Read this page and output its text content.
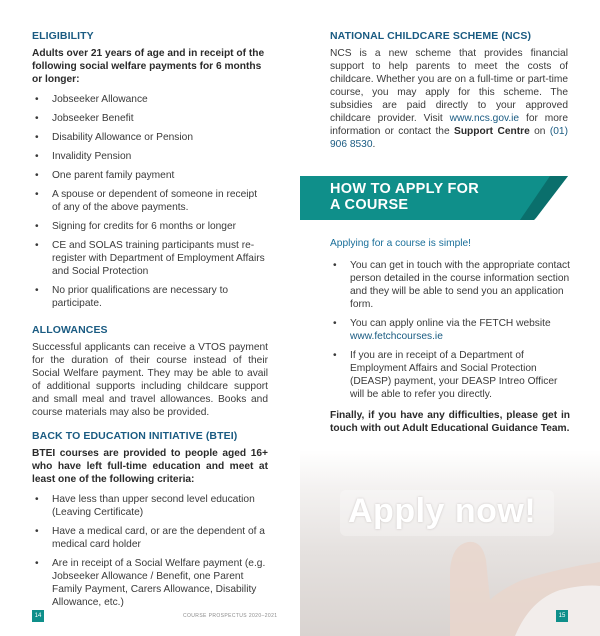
ELIGIBILITY

Adults over 21 years of age and in receipt of the following social welfare payments for 6 months or longer:

• Jobseeker Allowance
• Jobseeker Benefit
• Disability Allowance or Pension
• Invalidity Pension
• One parent family payment
• A spouse or dependent of someone in receipt of any of the above payments.
• Signing for credits for 6 months or longer
• CE and SOLAS training participants must re-register with Department of Employment Affairs and Social Protection
• No prior qualifications are necessary to participate.
ALLOWANCES

Successful applicants can receive a VTOS payment for the duration of their course instead of their Social Welfare payment. They may be able to avail of additional supports including childcare support and small meal and travel allowances. Books and course materials may also be provided.

BACK TO EDUCATION INITIATIVE (BTEI)

BTEI courses are provided to people aged 16+ who have left full-time education and meet at least one of the following criteria:

• Have less than upper second level education (Leaving Certificate)
• Have a medical card, or are the dependent of a medical card holder
• Are in receipt of a Social Welfare payment (e.g. Jobseeker Allowance / Benefit, one Parent Family Payment, Carers Allowance, Disability Allowance, etc.)
14	COURSE PROSPECTUS 2020–2021
NATIONAL CHILDCARE SCHEME (NCS)

NCS is a new scheme that provides financial support to help parents to meet the costs of childcare. Whether you are on a full-time or part-time course, you may apply for this scheme. The subsidies are paid directly to your approved childcare provider. Visit www.ncs.gov.ie for more information or contact the Support Centre on (01) 906 8530.

HOW TO APPLY FOR
A COURSE

Applying for a course is simple!

• You can get in touch with the appropriate contact person detailed in the course information section and they will be able to send you an application form.
• You can apply online via the FETCH website www.fetchcourses.ie
• If you are in receipt of a Department of Employment Affairs and Social Protection (DEASP) payment, your DEASP Intreo Officer will be able to refer you directly.

Finally, if you have any difficulties, please get in touch with out Adult Educational Guidance Team.

Apply now!
15
